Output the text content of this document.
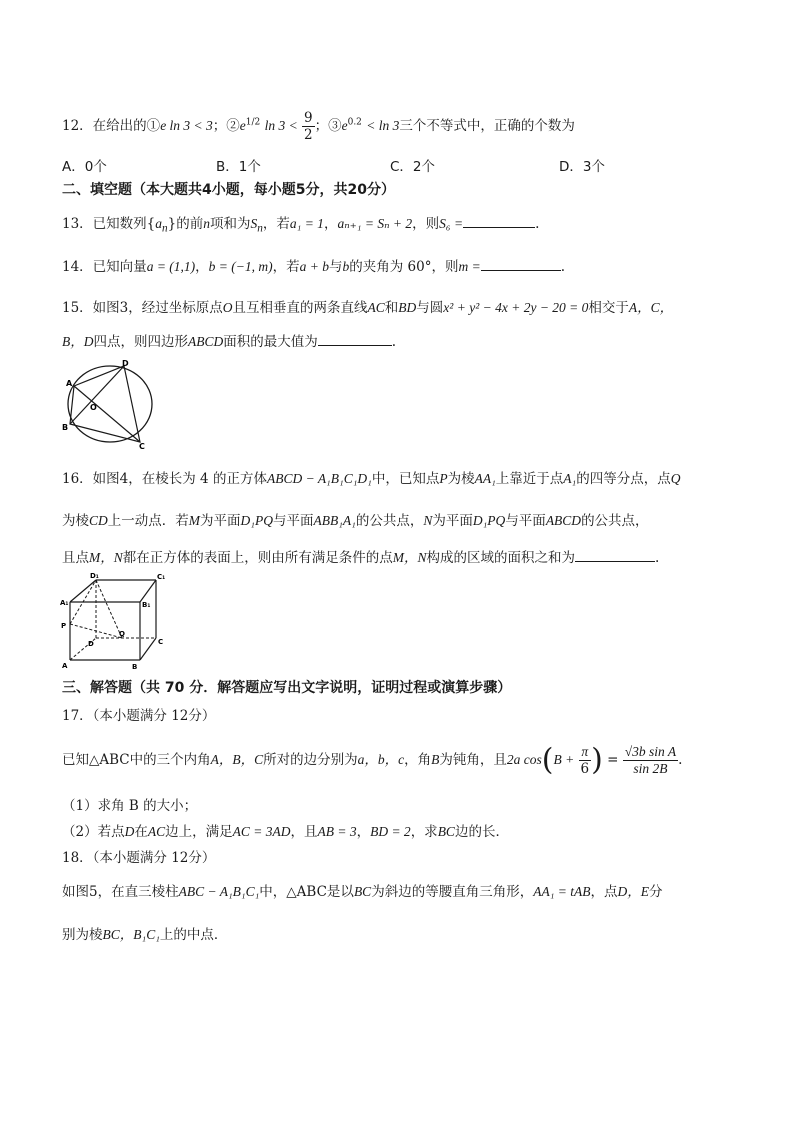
12．在给出的①e ln 3 < 3；$②e^{1/2}$ $\ln 3 < \frac{9}{2}$ ；$③e^{0.2} < \ln 3$三个不等式中，正确的个数为
A．0个	B．1个	C．2个	D．3个
二、填空题（本大题共4小题，每小题5分，共20分）
13．已知数列$\{a_n\}$的前n项和为$S_n$，若a₁ = 1，aₙ₊₁ = Sₙ + 2，则S₆ =	.
14．已知向量a = (1,1)，b = (−1, m)，若a + b与b的夹角为 60°，则m =	.
15．如图3，经过坐标原点O且互相垂直的两条直线AC和BD与圆x² + y² − 4x + 2y − 20 = 0相交于A，C，
B，D四点，则四边形ABCD面积的最大值为	.
A
D
O
B
C
16．如图4，在棱长为 4 的正方体ABCD − A₁B₁C₁D₁中，已知点P为棱AA₁上靠近于点A₁的四等分点，点Q
为棱CD上一动点．若M为平面D₁PQ与平面ABB₁A₁的公共点，N为平面D₁PQ与平面ABCD的公共点，
且点M，N都在正方体的表面上，则由所有满足条件的点M，N构成的区域的面积之和为	.
D₁	C₁
A₁	B₁
P
Q
D	C
A	B
三、解答题（共 70 分．解答题应写出文字说明，证明过程或演算步骤）
17．（本小题满分 12分）
已知△ABC中的三个内角A，B，C所对的边分别为a，b，c，角B为钝角，且2a $\cos(B + \frac{\pi}{6}$ ) = $\frac{\text{√3b sin A}}{\sin 2B}$ .
（1）求角 B 的大小；
（2）若点D在AC边上，满足AC = 3AD，且AB = 3，BD = 2，求BC边的长．
18．（本小题满分 12分）
如图5，在直三棱柱ABC − A₁B₁C₁中，△ABC是以BC为斜边的等腰直角三角形，AA₁ = tAB，点D，E分
别为棱BC，B₁C₁上的中点．
